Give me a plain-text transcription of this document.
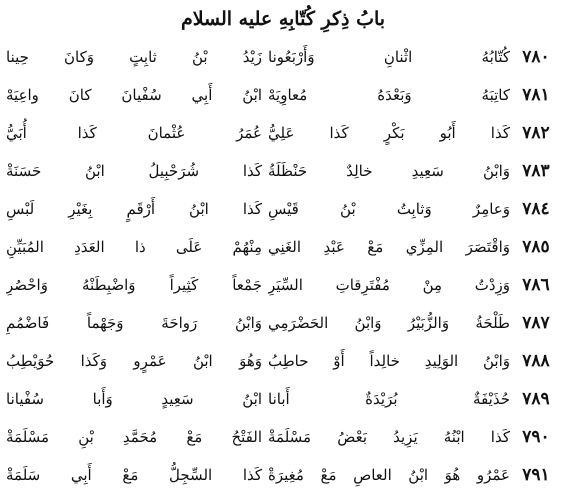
بابُ ذِكرِ كُتّابِهِ عليه السلام
٧٨٠
كُتّابُهُ اثْنانِ وَأَرْبَعُونا
زَيْدُ بْنُ ثابِتٍ وَكانَ حِينا
٧٨١
كاتِبَهُ وَبَعْدَهُ مُعاوِيَهْ
ابْنُ أَبِي سُفْيانَ كانَ واعِيَهْ
٧٨٢
كَذا أَبُو بَكْرٍ كَذا عَلِيُّ
عُمَرُ عُثْمانَ كَذا أُبَيُّ
٧٨٣
وَابْنُ سَعِيدِ خالِدٌ حَنْظَلَةُ
كَذا شُرَحْبِيلُ ابْنُ حَسَنَةْ
٧٨٤
وَعامِرٌ وَثابِتُ بْنُ قَيْسِ
كَذا ابْنُ أَرْقَمٍ بِغَيْرِ لَبْسِ
٧٨٥
وَاقْتَصَرَ المِزِّي مَعْ عَبْدِ الغَنِي
مِنْهُمْ عَلَى ذا العَدَدِ المُبَيِّنِ
٧٨٦
وَزِدْتُ مِنْ مُفْتَرِقاتِ السِّيَرِ
جَمْعاً كَثِيراً وَاضْبِطَنْهُ وَاحْصُرِ
٧٨٧
طَلْحَةُ وَالزُّبَيْرُ وَابْنُ الحَضْرَمِي
وَابْنُ رَواحَةَ وَجَهْماً فَاضْمُمِ
٧٨٨
وَابْنُ الوَلِيدِ خالِداً أَوْ حاطِبُ
وَهُوَ ابْنُ عَمْرٍو وَكَذا حُوَيْطِبُ
٧٨٩
حُذَيْفَةٌ بُرَيْدَةٌ أَبانا
ابْنُ سَعِيدٍ وَأَبا سُفْيانا
٧٩٠
كَذا ابْنُهُ يَزِيدُ بَعْضُ مَسْلَمَةْ
الفَتْحُ مَعْ مُحَمَّدِ بْنِ مَسْلَمَةْ
٧٩١
عَمْرُو هُوَ ابْنُ العاصِ مَعْ مُغِيرَةْ
كَذا السِّجِلُّ مَعْ أَبِي سَلَمَةْ
